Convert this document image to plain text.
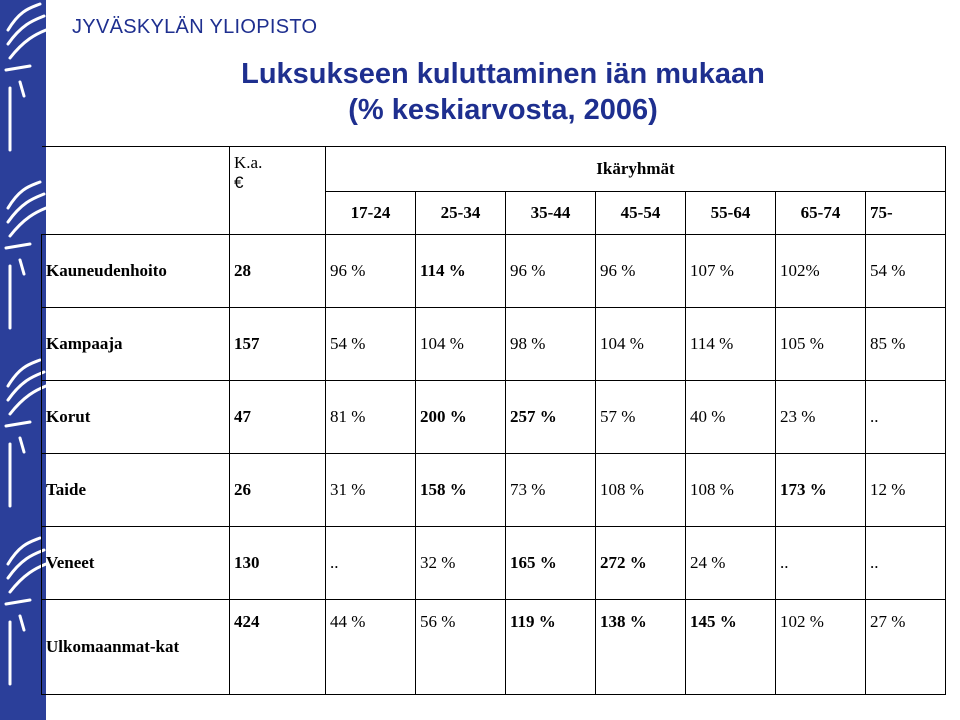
JYVÄSKYLÄN YLIOPISTO
Luksukseen kuluttaminen iän mukaan
(% keskiarvosta, 2006)

	K.a.
€	Ikäryhmät						
		17-24	25-34	35-44	45-54	55-64	65-74	75-
Kauneudenhoito	28	96 %	114 %	96 %	96 %	107 %	102%	54 %
Kampaaja	157	54 %	104 %	98 %	104 %	114 %	105 %	85 %
Korut	47	81 %	200 %	257 %	57 %	40 %	23 %	..
Taide	26	31 %	158 %	73 %	108 %	108 %	173 %	12 %
Veneet	130	..	32 %	165 %	272 %	24 %	..	..
Ulkomaanmat-kat	424	44 %	56 %	119 %	138 %	145 %	102 %	27 %
